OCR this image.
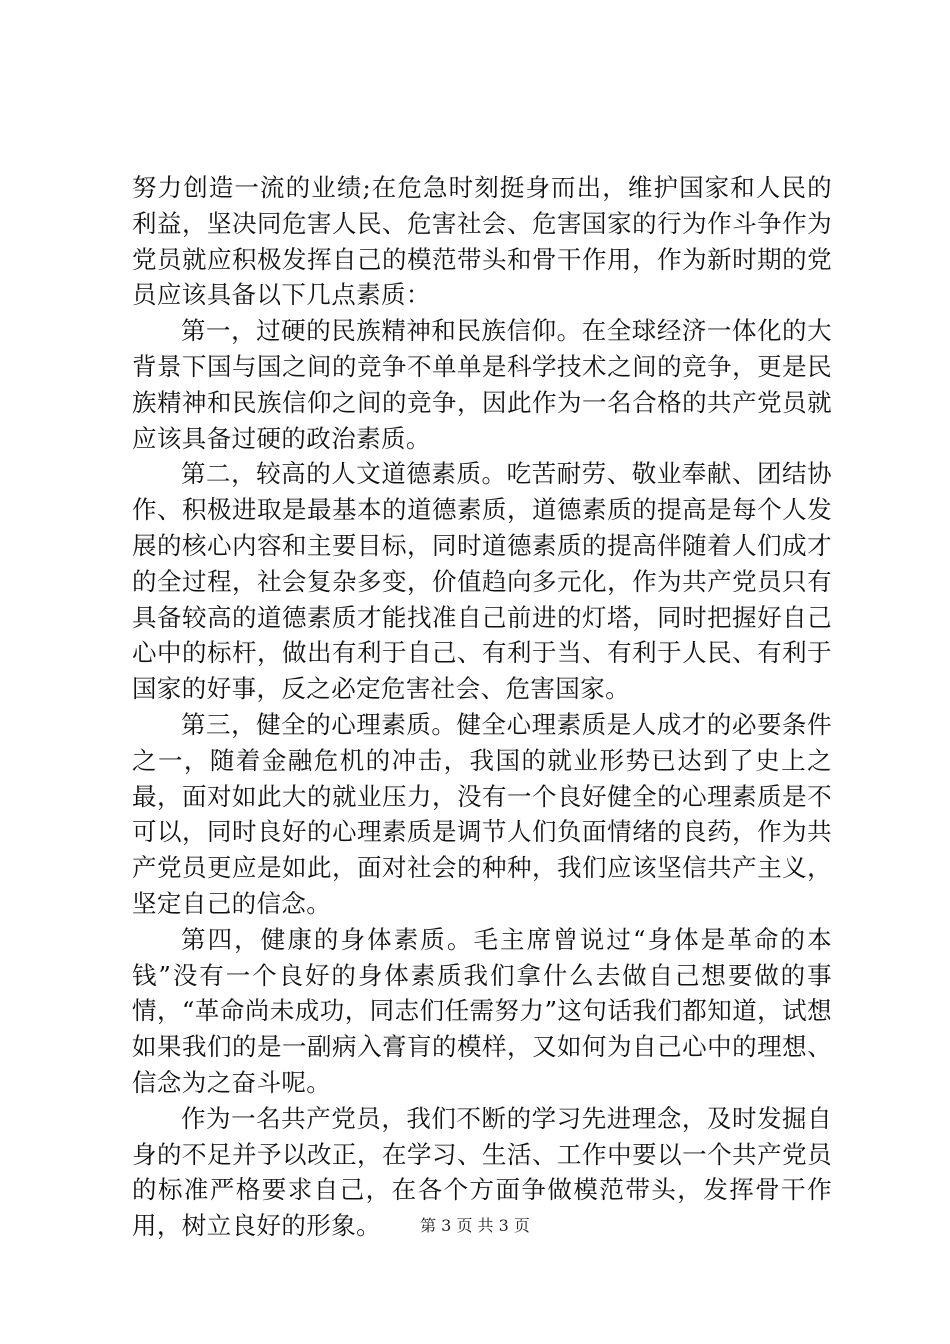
努力创造一流的业绩;在危急时刻挺身而出，维护国家和人民的利益，坚决同危害人民、危害社会、危害国家的行为作斗争作为党员就应积极发挥自己的模范带头和骨干作用，作为新时期的党员应该具备以下几点素质：

第一，过硬的民族精神和民族信仰。在全球经济一体化的大背景下国与国之间的竞争不单单是科学技术之间的竞争，更是民族精神和民族信仰之间的竞争，因此作为一名合格的共产党员就应该具备过硬的政治素质。

第二，较高的人文道德素质。吃苦耐劳、敬业奉献、团结协作、积极进取是最基本的道德素质，道德素质的提高是每个人发展的核心内容和主要目标，同时道德素质的提高伴随着人们成才的全过程，社会复杂多变，价值趋向多元化，作为共产党员只有具备较高的道德素质才能找准自己前进的灯塔，同时把握好自己心中的标杆，做出有利于自己、有利于当、有利于人民、有利于国家的好事，反之必定危害社会、危害国家。

第三，健全的心理素质。健全心理素质是人成才的必要条件之一，随着金融危机的冲击，我国的就业形势已达到了史上之最，面对如此大的就业压力，没有一个良好健全的心理素质是不可以，同时良好的心理素质是调节人们负面情绪的良药，作为共产党员更应是如此，面对社会的种种，我们应该坚信共产主义，坚定自己的信念。

第四，健康的身体素质。毛主席曾说过“身体是革命的本钱”没有一个良好的身体素质我们拿什么去做自己想要做的事情，“革命尚未成功，同志们任需努力”这句话我们都知道，试想如果我们的是一副病入膏肓的模样，又如何为自己心中的理想、信念为之奋斗呢。

作为一名共产党员，我们不断的学习先进理念，及时发掘自身的不足并予以改正，在学习、生活、工作中要以一个共产党员的标准严格要求自己，在各个方面争做模范带头，发挥骨干作用，树立良好的形象。	第 3 页 共 3 页
